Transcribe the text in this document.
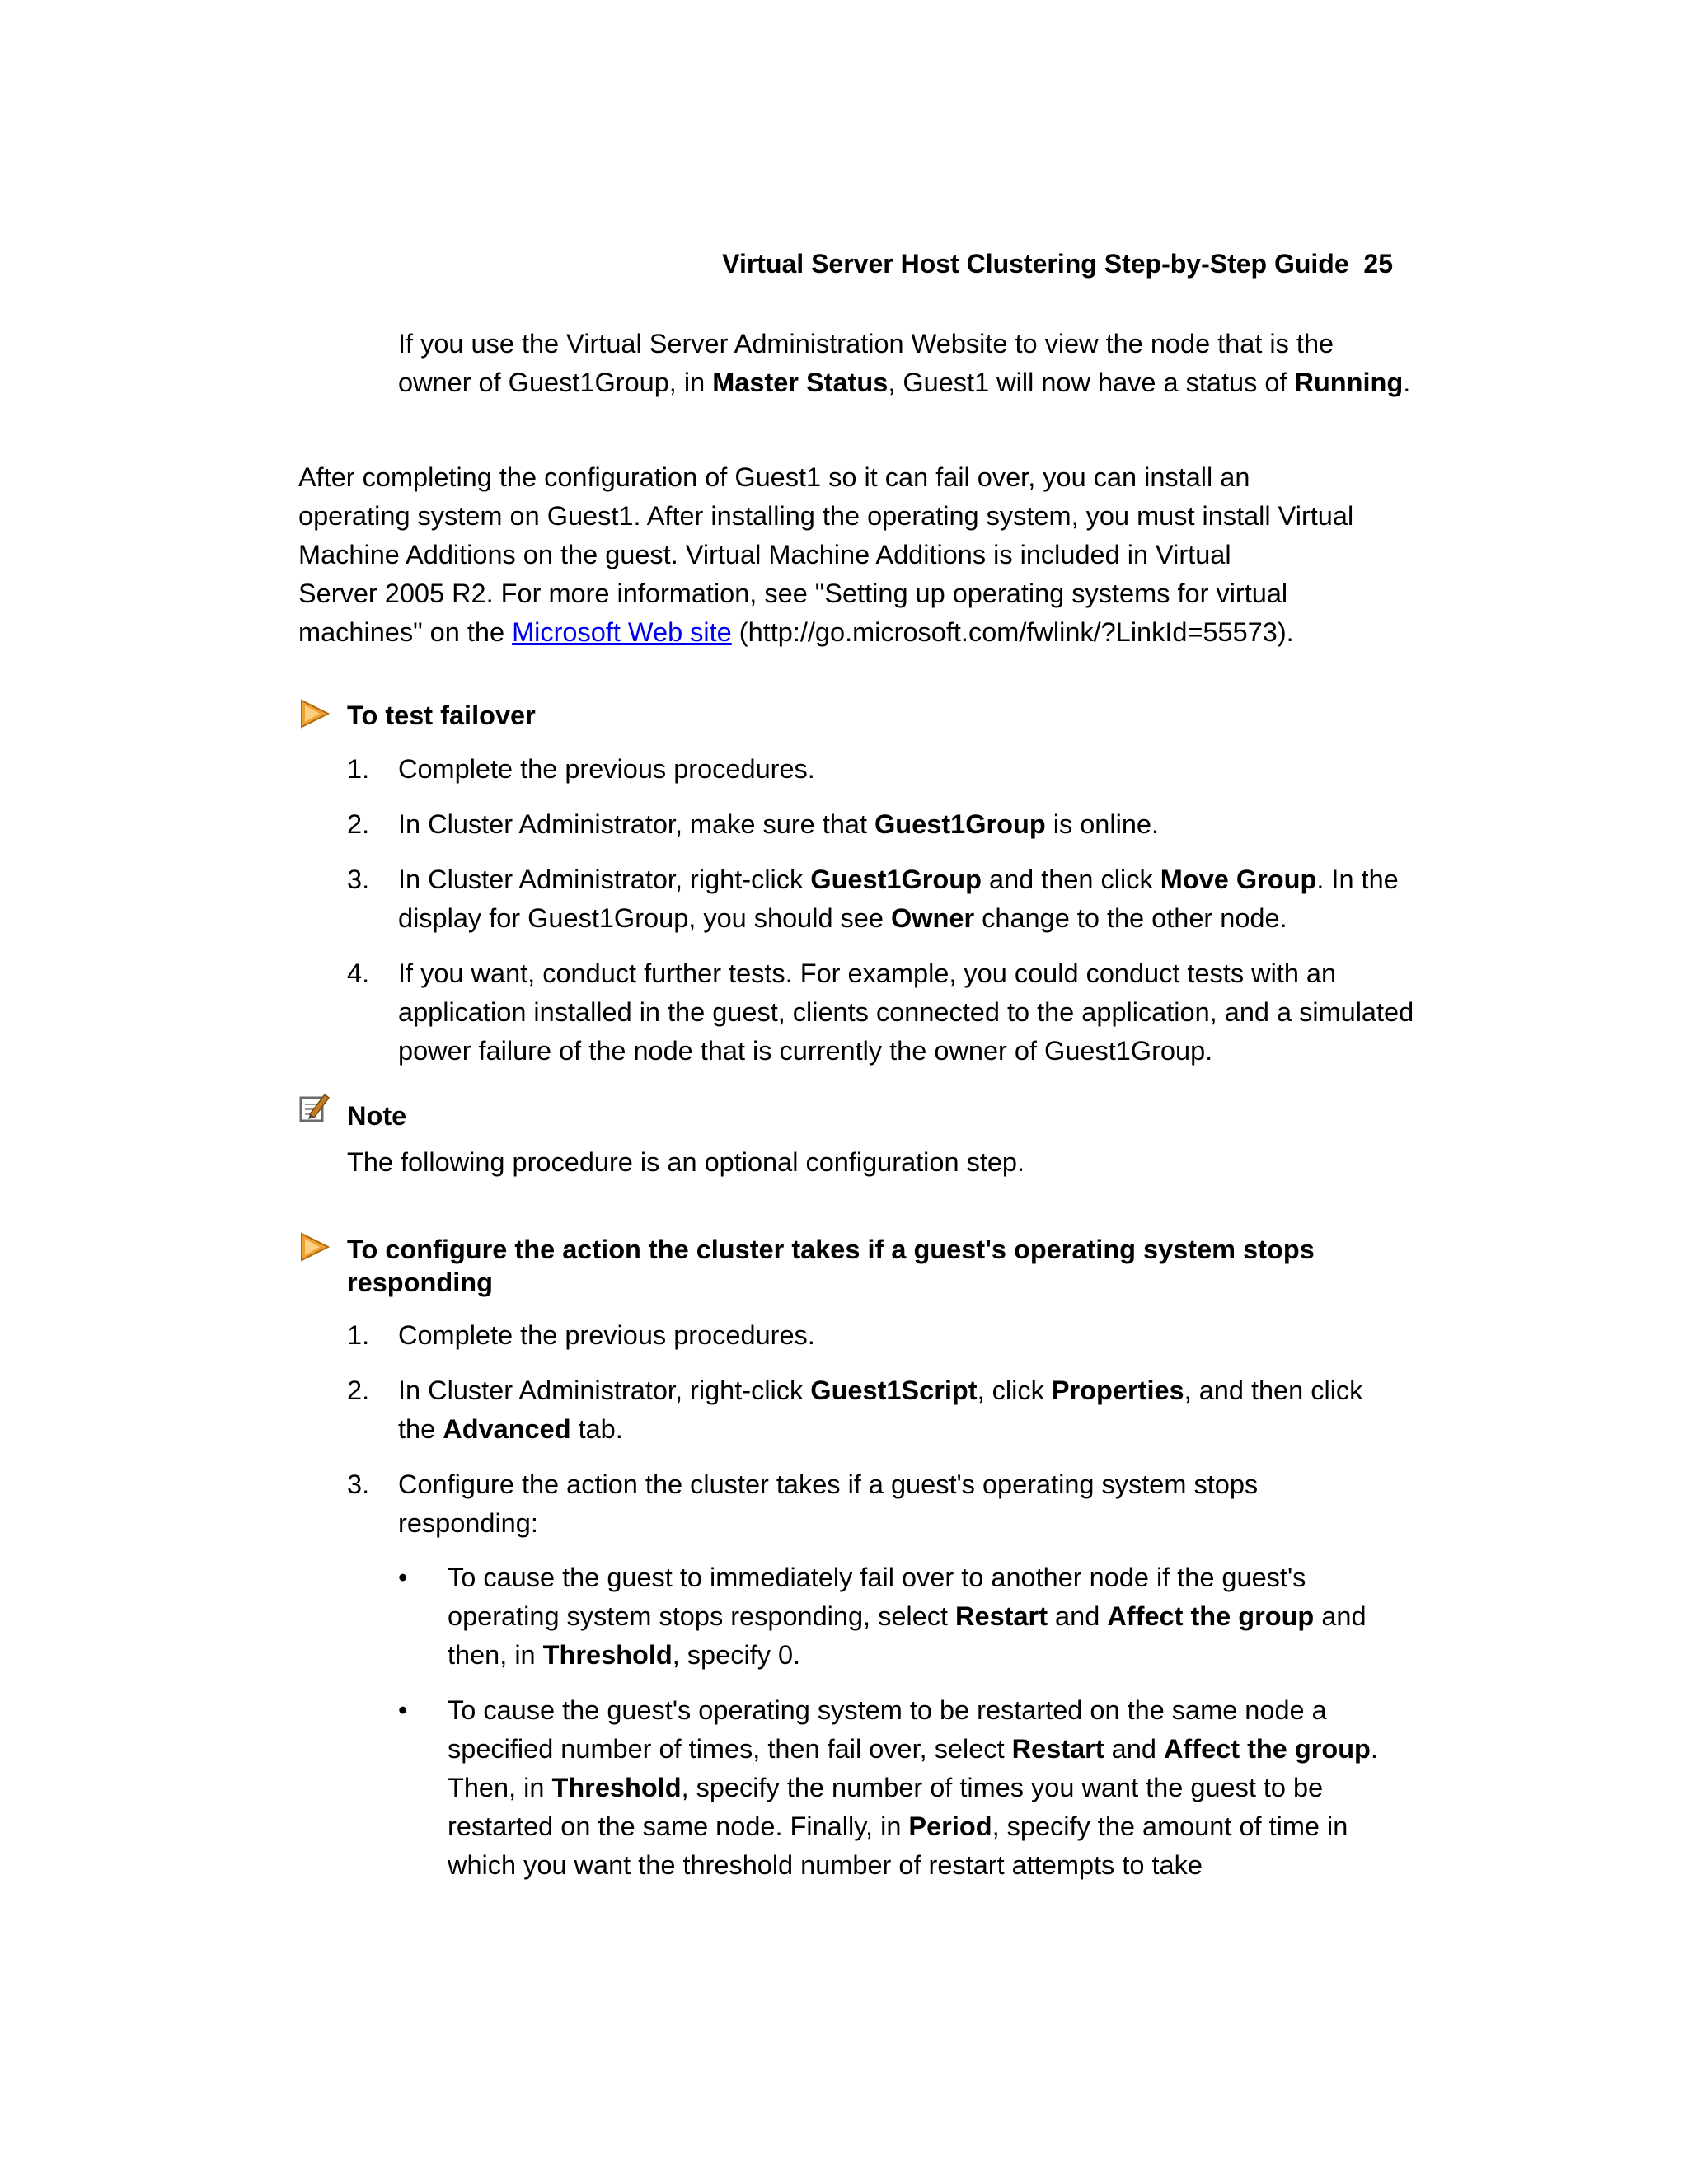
Virtual Server Host Clustering Step-by-Step Guide 25
If you use the Virtual Server Administration Website to view the node that is the owner of Guest1Group, in Master Status, Guest1 will now have a status of Running.
After completing the configuration of Guest1 so it can fail over, you can install an
operating system on Guest1. After installing the operating system, you must install Virtual
Machine Additions on the guest. Virtual Machine Additions is included in Virtual
Server 2005 R2. For more information, see "Setting up operating systems for virtual
machines" on the Microsoft Web site (http://go.microsoft.com/fwlink/?LinkId=55573).
To test failover
1.	Complete the previous procedures.
2.	In Cluster Administrator, make sure that Guest1Group is online.
3.	In Cluster Administrator, right-click Guest1Group and then click Move Group. In the display for Guest1Group, you should see Owner change to the other node.
4.	If you want, conduct further tests. For example, you could conduct tests with an application installed in the guest, clients connected to the application, and a simulated power failure of the node that is currently the owner of Guest1Group.
Note
The following procedure is an optional configuration step.
To configure the action the cluster takes if a guest's operating system stops
responding
1.	Complete the previous procedures.
2.	In Cluster Administrator, right-click Guest1Script, click Properties, and then click the Advanced tab.
3.	Configure the action the cluster takes if a guest's operating system stops responding:
• To cause the guest to immediately fail over to another node if the guest's operating system stops responding, select Restart and Affect the group and then, in Threshold, specify 0.
• To cause the guest's operating system to be restarted on the same node a specified number of times, then fail over, select Restart and Affect the group. Then, in Threshold, specify the number of times you want the guest to be restarted on the same node. Finally, in Period, specify the amount of time in which you want the threshold number of restart attempts to take
